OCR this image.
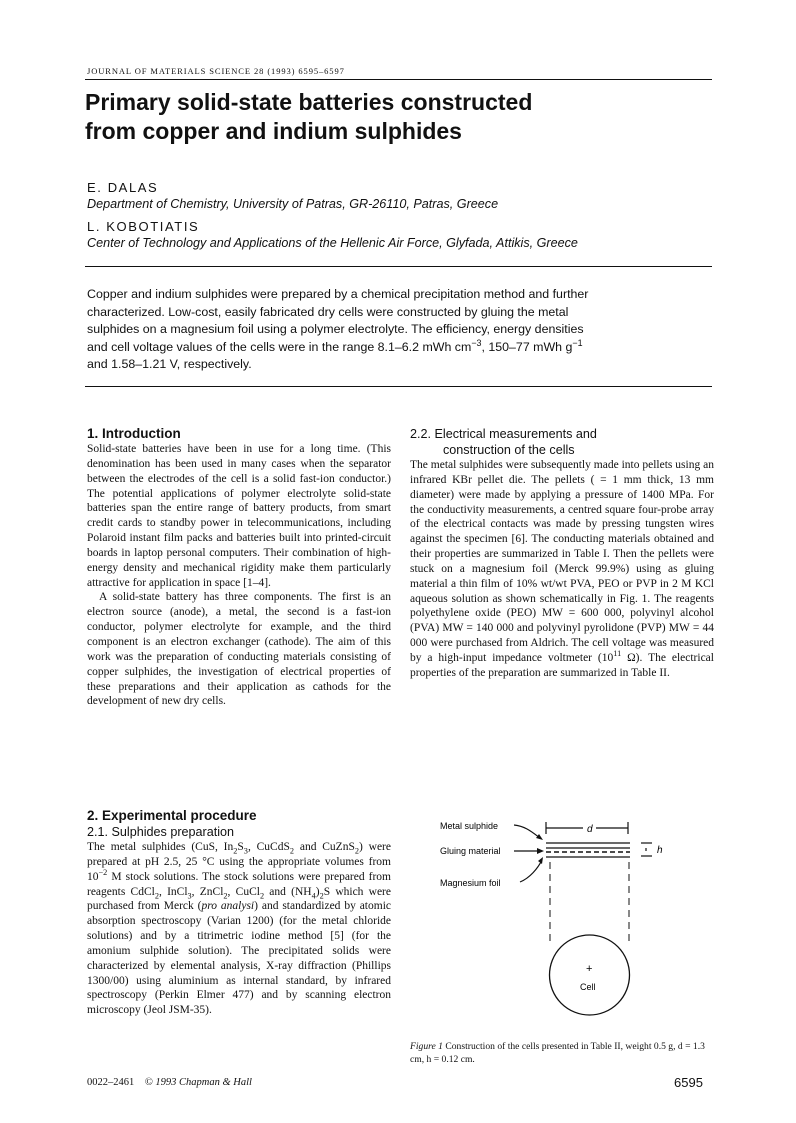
JOURNAL OF MATERIALS SCIENCE 28 (1993) 6595–6597
Primary solid-state batteries constructed
from copper and indium sulphides
E. DALAS
Department of Chemistry, University of Patras, GR-26110, Patras, Greece
L. KOBOTIATIS
Center of Technology and Applications of the Hellenic Air Force, Glyfada, Attikis, Greece
Copper and indium sulphides were prepared by a chemical precipitation method and further
characterized. Low-cost, easily fabricated dry cells were constructed by gluing the metal
sulphides on a magnesium foil using a polymer electrolyte. The efficiency, energy densities
and cell voltage values of the cells were in the range 8.1–6.2 mWh $cm^{-3}$, 150–77 mWh $g^{-1}$
and 1.58–1.21 V, respectively.
1. Introduction

Solid-state batteries have been in use for a long time. (This denomination has been used in many cases when the separator between the electrodes of the cell is a solid fast-ion conductor.) The potential applications of polymer electrolyte solid-state batteries span the entire range of battery products, from smart credit cards to standby power in telecommunications, including Polaroid instant film packs and batteries built into printed-circuit boards in laptop personal computers. Their combination of high-energy density and mechanical rigidity make them particularly attractive for application in space [1–4].

A solid-state battery has three components. The first is an electron source (anode), a metal, the second is a fast-ion conductor, polymer electrolyte for example, and the third component is an electron exchanger (cathode). The aim of this work was the preparation of conducting materials consisting of copper sulphides, the investigation of electrical properties of these preparations and their application as cathods for the development of new dry cells.

2. Experimental procedure
2.1. Sulphides preparation

The metal sulphides (CuS, $In_2S_3$, CuCdS$_2$ and CuZnS$_2$) were prepared at pH 2.5, 25 °C using the appropriate volumes from $10^{-2}$ M stock solutions. The stock solutions were prepared from reagents CdCl$_2$, InCl$_3$, ZnCl$_2$, CuCl$_2$ and $(NH_4)_2S$ which were purchased from Merck (pro analysi) and standardized by atomic absorption spectroscopy (Varian 1200) (for the metal chloride solutions) and by a titrimetric iodine method [5] (for the amonium sulphide solution). The precipitated solids were characterized by elemental analysis, X-ray diffraction (Phillips 1300/00) using aluminium as internal standard, by infrared spectroscopy (Perkin Elmer 477) and by scanning electron microscopy (Jeol JSM-35).

2.2. Electrical measurements and
construction of the cells

The metal sulphides were subsequently made into pellets using an infrared KBr pellet die. The pellets ( = 1 mm thick, 13 mm diameter) were made by applying a pressure of 1400 MPa. For the conductivity measurements, a centred square four-probe array of the electrical contacts was made by pressing tungsten wires against the specimen [6]. The conducting materials obtained and their properties are summarized in Table I. Then the pellets were stuck on a magnesium foil (Merck 99.9%) using as gluing material a thin film of 10% wt/wt PVA, PEO or PVP in 2 M KCl aqueous solution as shown schematically in Fig. 1. The reagents polyethylene oxide (PEO) MW = 600 000, polyvinyl alcohol (PVA) MW = 140 000 and polyvinyl pyrolidone (PVP) MW = 44 000 were purchased from Aldrich. The cell voltage was measured by a high-input impedance voltmeter ($10^{11}$ Ω). The electrical properties of the preparation are summarized in Table II.

Metal sulphide
Gluing material
Magnesium foil
d
h
+
Cell
Figure 1 Construction of the cells presented in Table II, weight 0.5 g, d = 1.3 cm, h = 0.12 cm.
0022–2461 © 1993 Chapman & Hall	6595
